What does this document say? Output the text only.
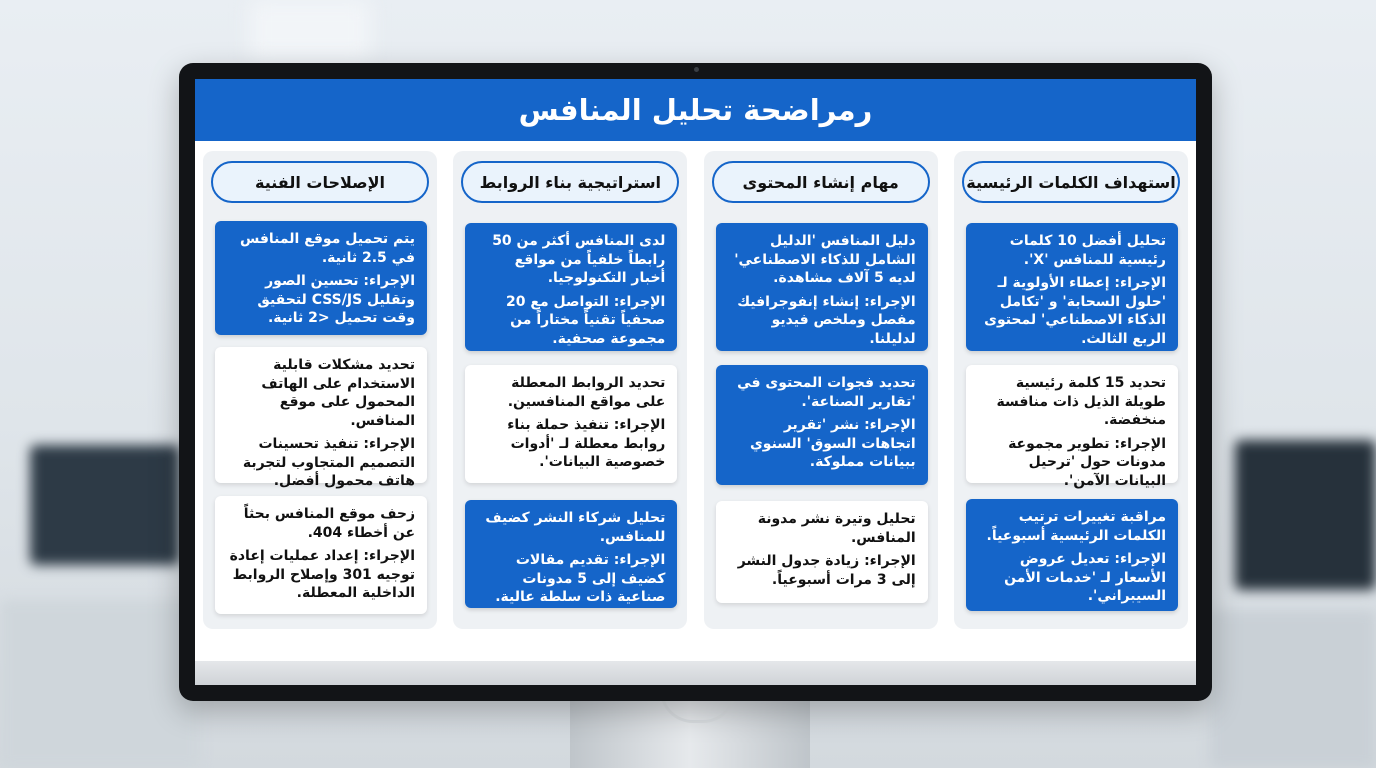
رمراضحة تحليل المنافس
الإصلاحات الفنية

يتم تحميل موقع المنافس في 2.5 ثانية.

الإجراء: تحسين الصور وتقليل CSS/JS لتحقيق وقت تحميل <2 ثانية.

تحديد مشكلات قابلية الاستخدام على الهاتف المحمول على موقع المنافس.

الإجراء: تنفيذ تحسينات التصميم المتجاوب لتجربة هاتف محمول أفضل.

زحف موقع المنافس بحثاً عن أخطاء 404.

الإجراء: إعداد عمليات إعادة توجيه 301 وإصلاح الروابط الداخلية المعطلة.

استراتيجية بناء الروابط

لدى المنافس أكثر من 50 رابطاً خلفياً من مواقع أخبار التكنولوجيا.

الإجراء: التواصل مع 20 صحفياً تقنياً مختاراً من مجموعة صحفية.

تحديد الروابط المعطلة على مواقع المنافسين.

الإجراء: تنفيذ حملة بناء روابط معطلة لـ 'أدوات خصوصية البيانات'.

تحليل شركاء النشر كضيف للمنافس.

الإجراء: تقديم مقالات كضيف إلى 5 مدونات صناعية ذات سلطة عالية.

مهام إنشاء المحتوى

دليل المنافس 'الدليل الشامل للذكاء الاصطناعي' لديه 5 آلاف مشاهدة.

الإجراء: إنشاء إنفوجرافيك مفصل وملخص فيديو لدليلنا.

تحديد فجوات المحتوى في 'تقارير الصناعة'.

الإجراء: نشر 'تقرير اتجاهات السوق' السنوي ببيانات مملوكة.

تحليل وتيرة نشر مدونة المنافس.

الإجراء: زيادة جدول النشر إلى 3 مرات أسبوعياً.

استهداف الكلمات الرئيسية

تحليل أفضل 10 كلمات رئيسية للمنافس 'X'.

الإجراء: إعطاء الأولوية لـ 'حلول السحابة' و 'تكامل الذكاء الاصطناعي' لمحتوى الربع الثالث.

تحديد 15 كلمة رئيسية طويلة الذيل ذات منافسة منخفضة.

الإجراء: تطوير مجموعة مدونات حول 'ترحيل البيانات الآمن'.

مراقبة تغييرات ترتيب الكلمات الرئيسية أسبوعياً.

الإجراء: تعديل عروض الأسعار لـ 'خدمات الأمن السيبراني'.
